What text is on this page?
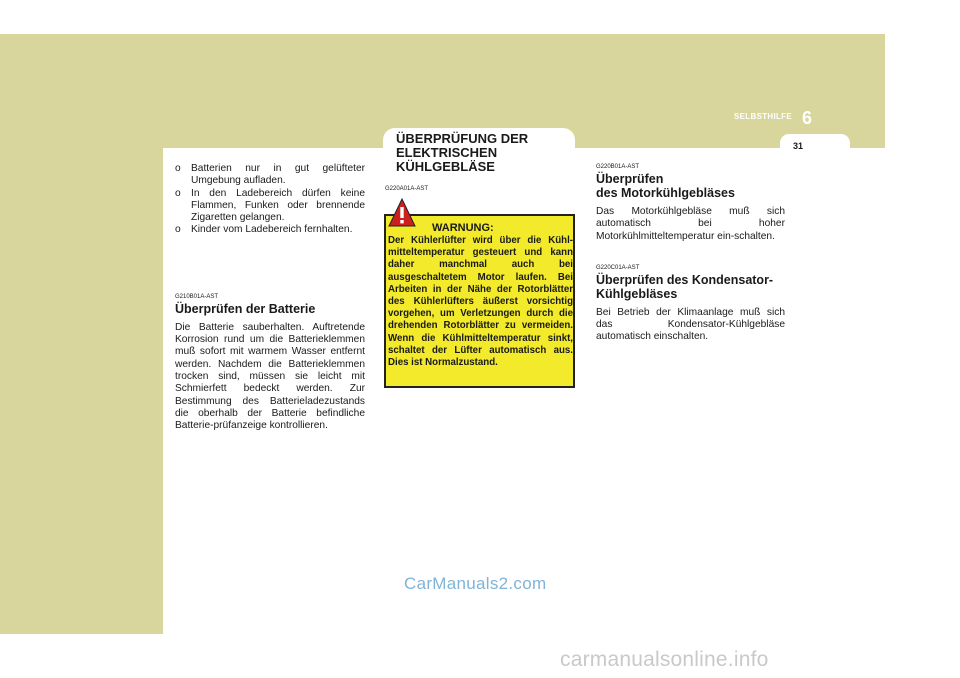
6
SELBSTHILFE
31
ÜBERPRÜFUNG DER
ELEKTRISCHEN
KÜHLGEBLÄSE
o Batterien nur in gut gelüfteter Umgebung aufladen.
o In den Ladebereich dürfen keine Flammen, Funken oder brennende Zigaretten gelangen.
o Kinder vom Ladebereich fernhalten.

G210B01A-AST

Überprüfen der Batterie

Die Batterie sauberhalten. Auftretende Korrosion rund um die Batterieklemmen muß sofort mit warmem Wasser entfernt werden. Nachdem die Batterieklemmen trocken sind, müssen sie leicht mit Schmierfett bedeckt werden. Zur Bestimmung des Batterieladezustands die oberhalb der Batterie befindliche Batterie-prüfanzeige kontrollieren.

G220A01A-AST
WARNUNG:
Der Kühlerlüfter wird über die Kühl-mitteltemperatur gesteuert und kann daher manchmal auch bei ausgeschaltetem Motor laufen. Bei Arbeiten in der Nähe der Rotorblätter des Kühlerlüfters äußerst vorsichtig vorgehen, um Verletzungen durch die drehenden Rotorblätter zu vermeiden. Wenn die Kühlmitteltemperatur sinkt, schaltet der Lüfter automatisch aus. Dies ist Normalzustand.

G220B01A-AST

Überprüfen
des Motorkühlgebläses

Das Motorkühlgebläse muß sich automatisch bei hoher Motorkühlmitteltemperatur ein-schalten.

G220C01A-AST

Überprüfen des Kondensator-
Kühlgebläses

Bei Betrieb der Klimaanlage muß sich das Kondensator-Kühlgebläse automatisch einschalten.

CarManuals2.com
carmanualsonline.info
